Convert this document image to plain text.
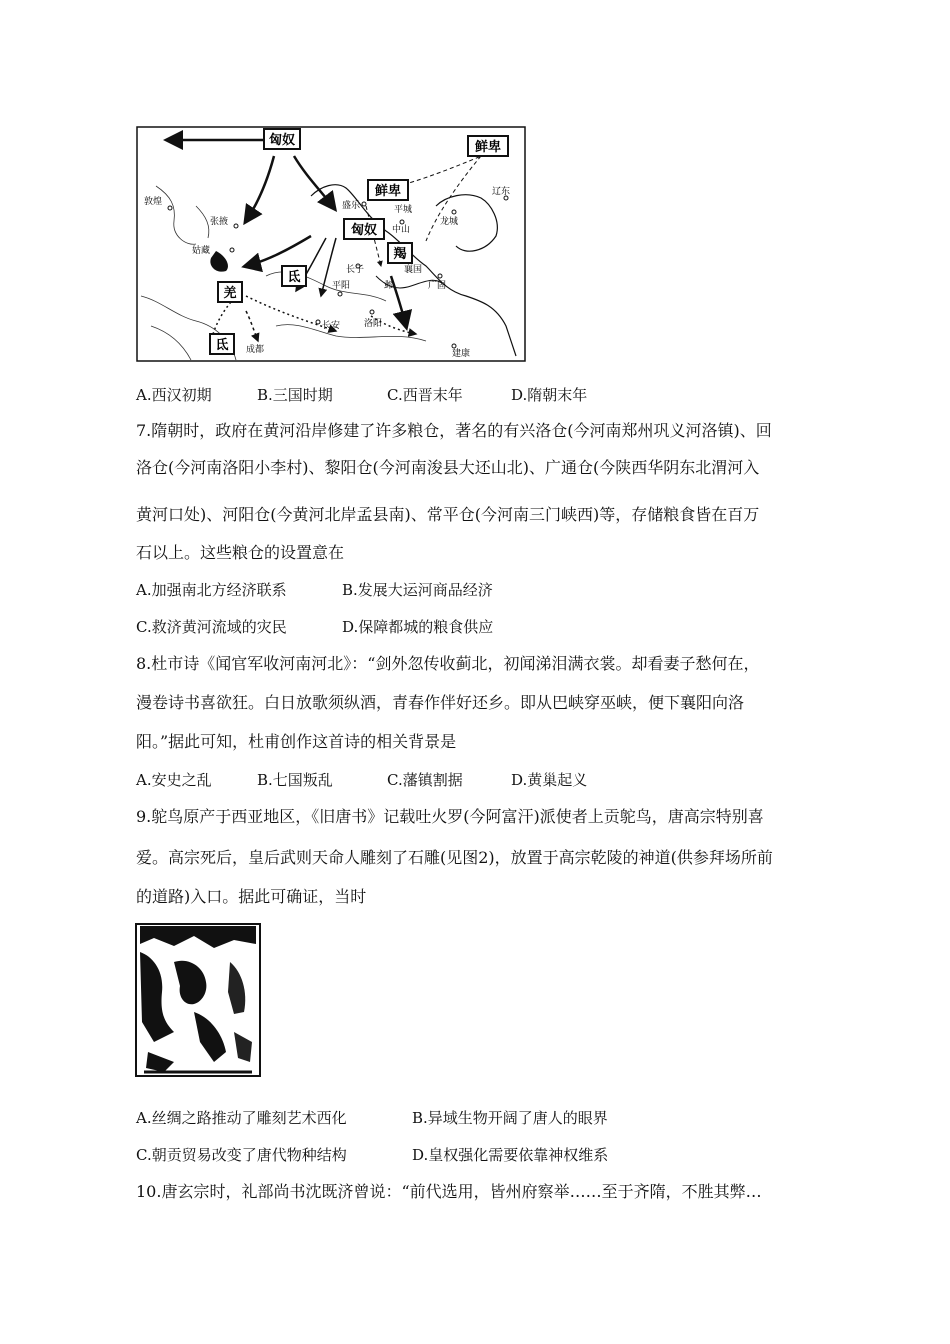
匈奴	鲜卑
鲜卑
匈奴
羯
氐
羌
氐
敦煌
张掖
姑藏
盛乐	平城
中山
龙城
辽东
长子	襄国
广固
平阳	邺
长安	洛阳
成都	建康
A.西汉初期	B.三国时期	C.西晋末年	D.隋朝末年
7.隋朝时，政府在黄河沿岸修建了许多粮仓，著名的有兴洛仓(今河南郑州巩义河洛镇)、回
洛仓(今河南洛阳小李村)、黎阳仓(今河南浚县大还山北)、广通仓(今陕西华阴东北渭河入
黄河口处)、河阳仓(今黄河北岸孟县南)、常平仓(今河南三门峡西)等，存储粮食皆在百万
石以上。这些粮仓的设置意在
A.加强南北方经济联系	B.发展大运河商品经济
C.救济黄河流域的灾民	D.保障都城的粮食供应
8.杜市诗《闻官军收河南河北》：“剑外忽传收蓟北，初闻涕泪满衣裳。却看妻子愁何在，
漫卷诗书喜欲狂。白日放歌须纵酒，青春作伴好还乡。即从巴峡穿巫峡，便下襄阳向洛
阳。”据此可知，杜甫创作这首诗的相关背景是
A.安史之乱	B.七国叛乱	C.藩镇割据	D.黄巢起义
9.鸵鸟原产于西亚地区，《旧唐书》记载吐火罗(今阿富汗)派使者上贡鸵鸟，唐高宗特别喜
爱。高宗死后，皇后武则天命人雕刻了石雕(见图2)，放置于高宗乾陵的神道(供参拜场所前
的道路)入口。据此可确证，当时
A.丝绸之路推动了雕刻艺术西化	B.异域生物开阔了唐人的眼界
C.朝贡贸易改变了唐代物种结构	D.皇权强化需要依靠神权维系
10.唐玄宗时，礼部尚书沈既济曾说：“前代选用，皆州府察举……至于齐隋，不胜其弊…
